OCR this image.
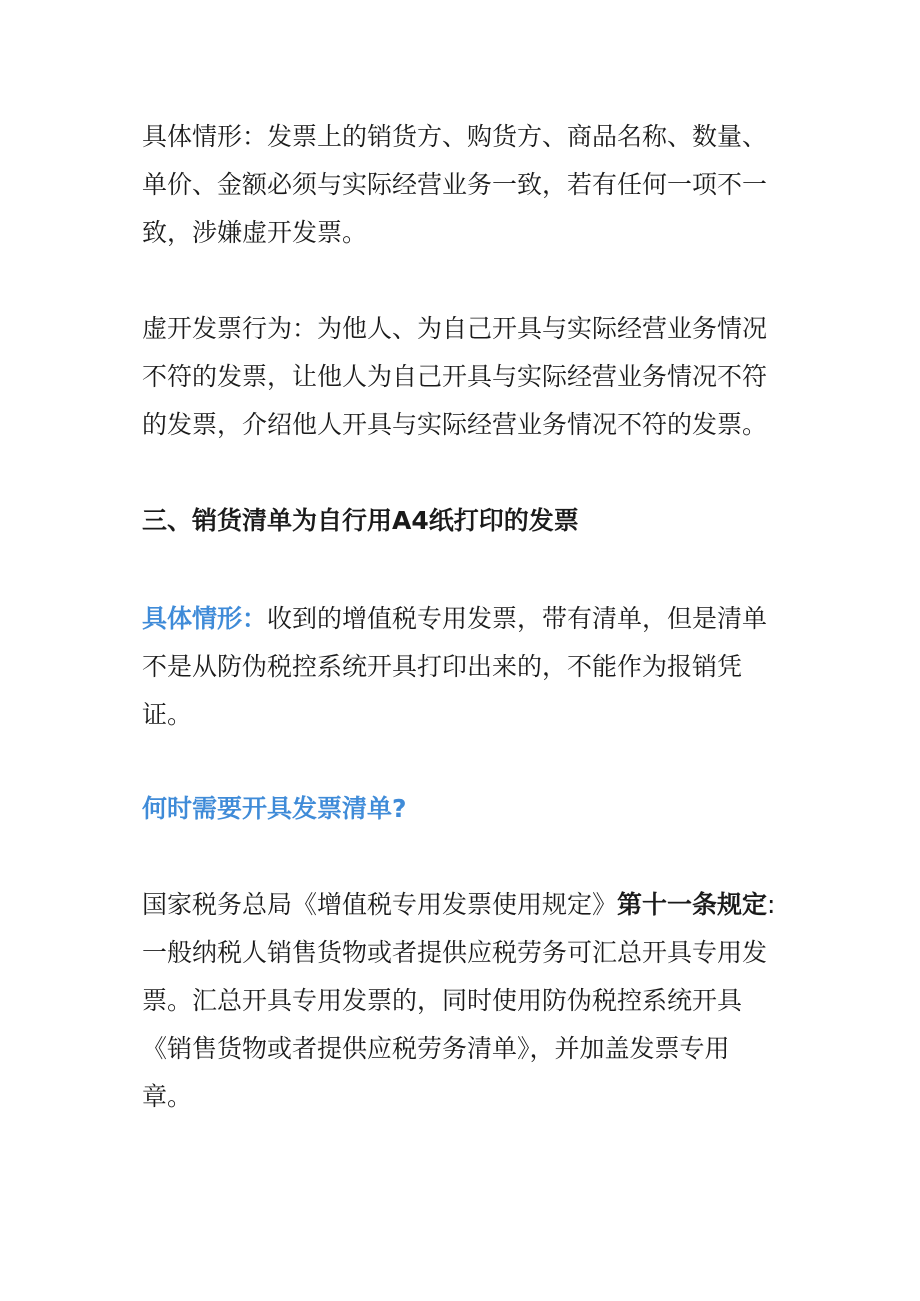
具体情形：发票上的销货方、购货方、商品名称、数量、
单价、金额必须与实际经营业务一致，若有任何一项不一
致，涉嫌虚开发票。
虚开发票行为：为他人、为自己开具与实际经营业务情况
不符的发票，让他人为自己开具与实际经营业务情况不符
的发票，介绍他人开具与实际经营业务情况不符的发票。
三、销货清单为自行用A4纸打印的发票
具体情形：收到的增值税专用发票，带有清单，但是清单
不是从防伪税控系统开具打印出来的，不能作为报销凭
证。
何时需要开具发票清单?
国家税务总局《增值税专用发票使用规定》第十一条规定:
一般纳税人销售货物或者提供应税劳务可汇总开具专用发
票。汇总开具专用发票的，同时使用防伪税控系统开具
《销售货物或者提供应税劳务清单》，并加盖发票专用
章。
